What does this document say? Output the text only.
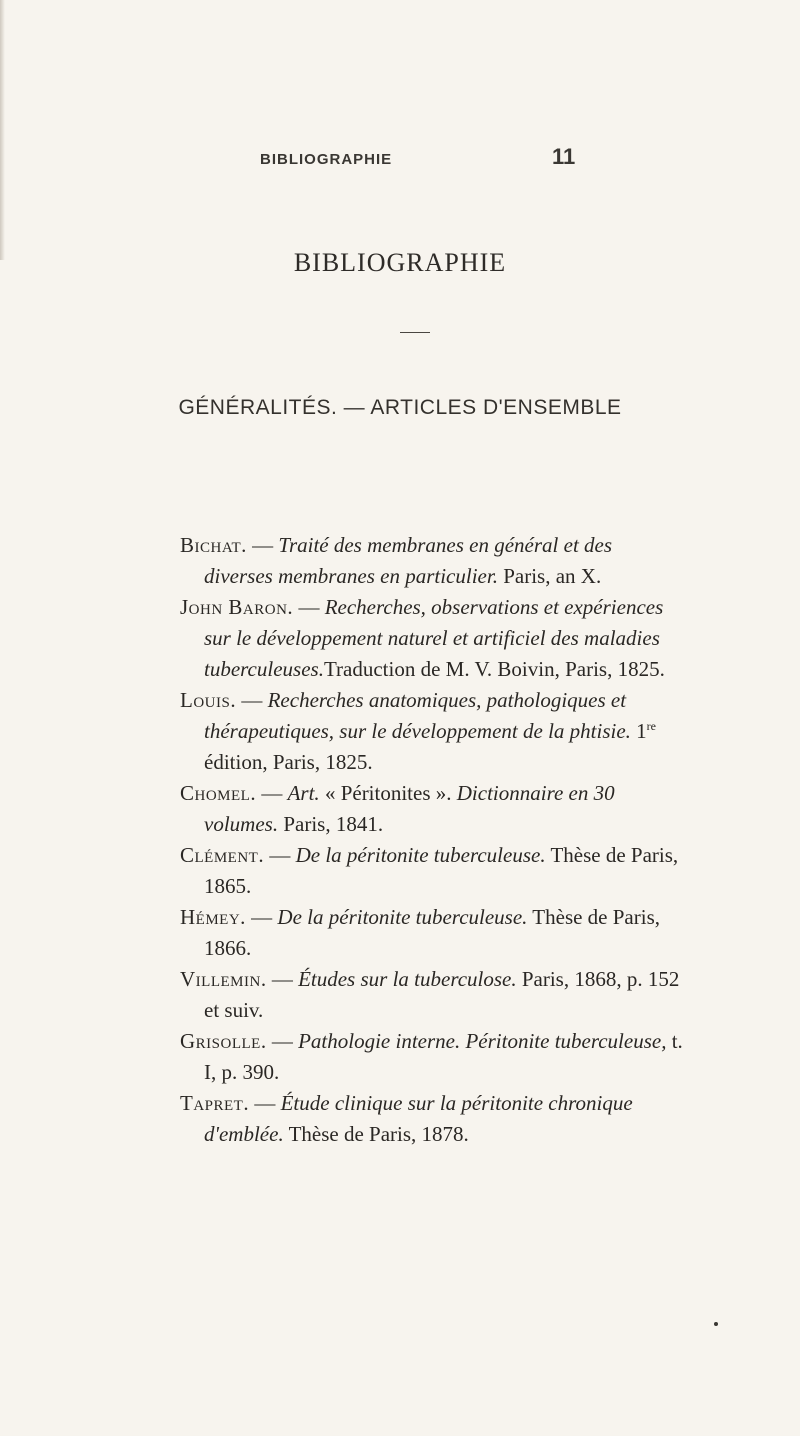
BIBLIOGRAPHIE	11
BIBLIOGRAPHIE
GÉNÉRALITÉS. — ARTICLES D'ENSEMBLE

Bichat. — Traité des membranes en général et des diverses membranes en particulier. Paris, an X.

John Baron. — Recherches, observations et expériences sur le développement naturel et artificiel des maladies tuberculeuses.Traduction de M. V. Boivin, Paris, 1825.

Louis. — Recherches anatomiques, pathologiques et thérapeutiques, sur le développement de la phtisie. 1re édition, Paris, 1825.

Chomel. — Art. « Péritonites ». Dictionnaire en 30 volumes. Paris, 1841.

Clément. — De la péritonite tuberculeuse. Thèse de Paris, 1865.

Hémey. — De la péritonite tuberculeuse. Thèse de Paris, 1866.

Villemin. — Études sur la tuberculose. Paris, 1868, p. 152 et suiv.

Grisolle. — Pathologie interne. Péritonite tuberculeuse, t. I, p. 390.

Tapret. — Étude clinique sur la péritonite chronique d'emblée. Thèse de Paris, 1878.
